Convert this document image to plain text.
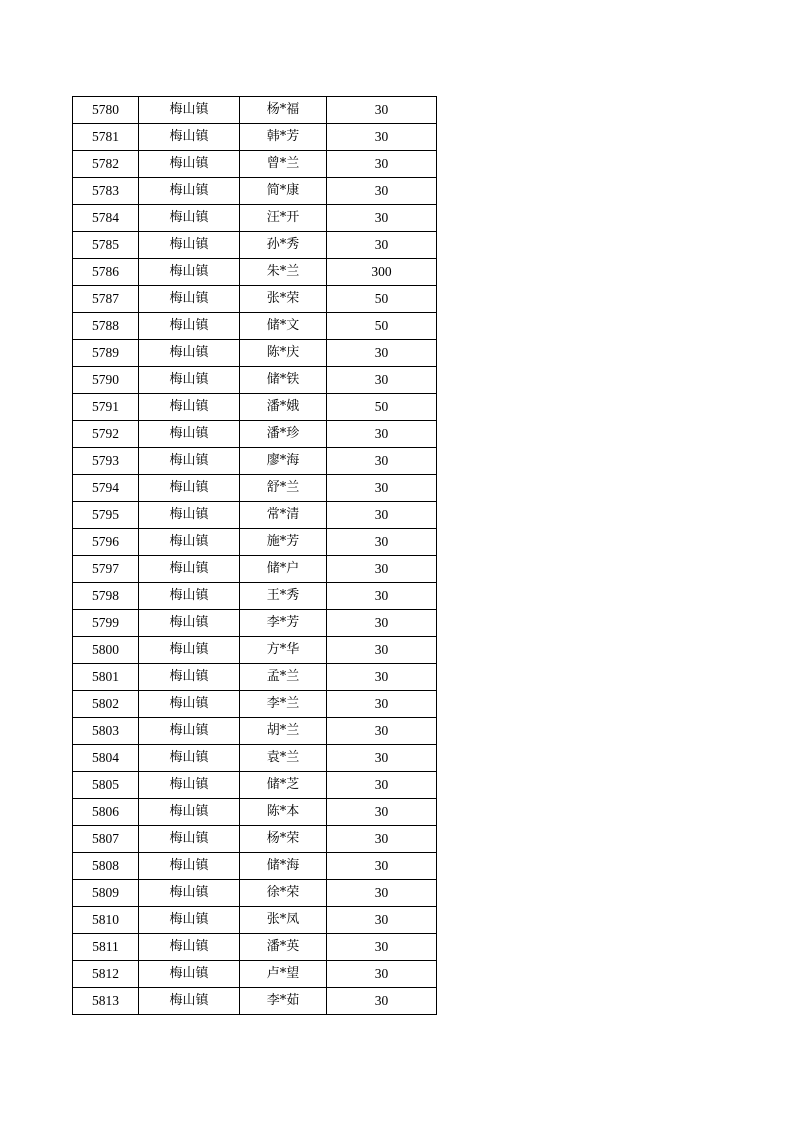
5780	梅山镇	杨*福	30
5781	梅山镇	韩*芳	30
5782	梅山镇	曾*兰	30
5783	梅山镇	简*康	30
5784	梅山镇	汪*开	30
5785	梅山镇	孙*秀	30
5786	梅山镇	朱*兰	300
5787	梅山镇	张*荣	50
5788	梅山镇	储*文	50
5789	梅山镇	陈*庆	30
5790	梅山镇	储*铁	30
5791	梅山镇	潘*娥	50
5792	梅山镇	潘*珍	30
5793	梅山镇	廖*海	30
5794	梅山镇	舒*兰	30
5795	梅山镇	常*清	30
5796	梅山镇	施*芳	30
5797	梅山镇	储*户	30
5798	梅山镇	王*秀	30
5799	梅山镇	李*芳	30
5800	梅山镇	方*华	30
5801	梅山镇	孟*兰	30
5802	梅山镇	李*兰	30
5803	梅山镇	胡*兰	30
5804	梅山镇	袁*兰	30
5805	梅山镇	储*芝	30
5806	梅山镇	陈*本	30
5807	梅山镇	杨*荣	30
5808	梅山镇	储*海	30
5809	梅山镇	徐*荣	30
5810	梅山镇	张*凤	30
5811	梅山镇	潘*英	30
5812	梅山镇	卢*望	30
5813	梅山镇	李*茹	30
